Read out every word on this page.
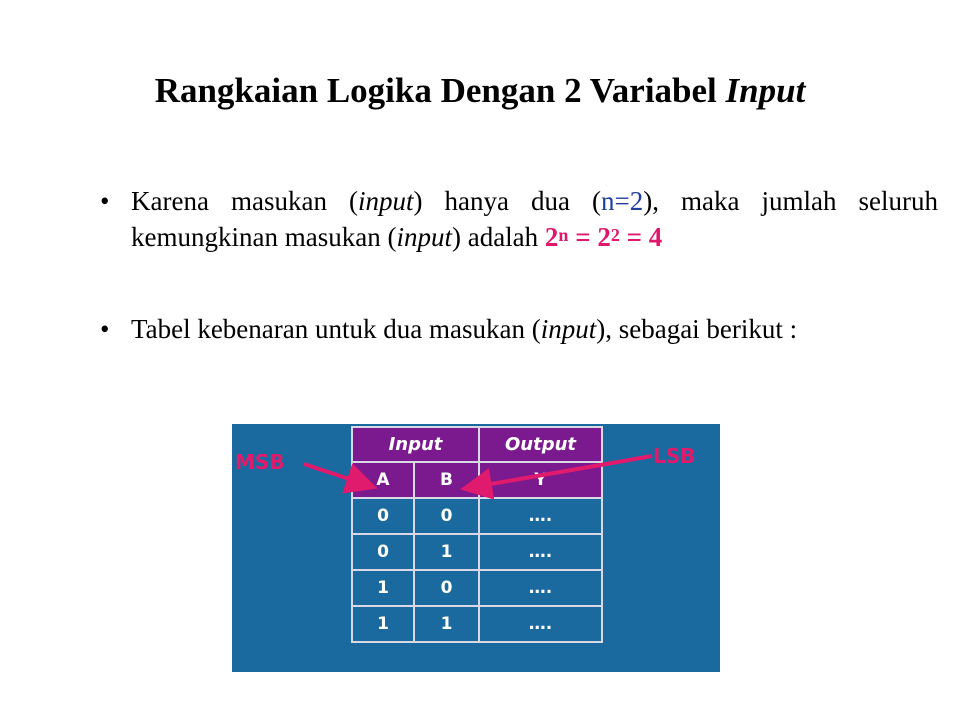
Rangkaian Logika Dengan 2 Variabel Input
• Karena masukan (input) hanya dua (n=2), maka jumlah seluruh kemungkinan masukan (input) adalah $2^n = 2^2 = 4$
• Tabel kebenaran untuk dua masukan (input), sebagai berikut :
Input		Output
A	B	Y
0	0	….
0	1	….
1	0	….
1	1	….
MSB	LSB
